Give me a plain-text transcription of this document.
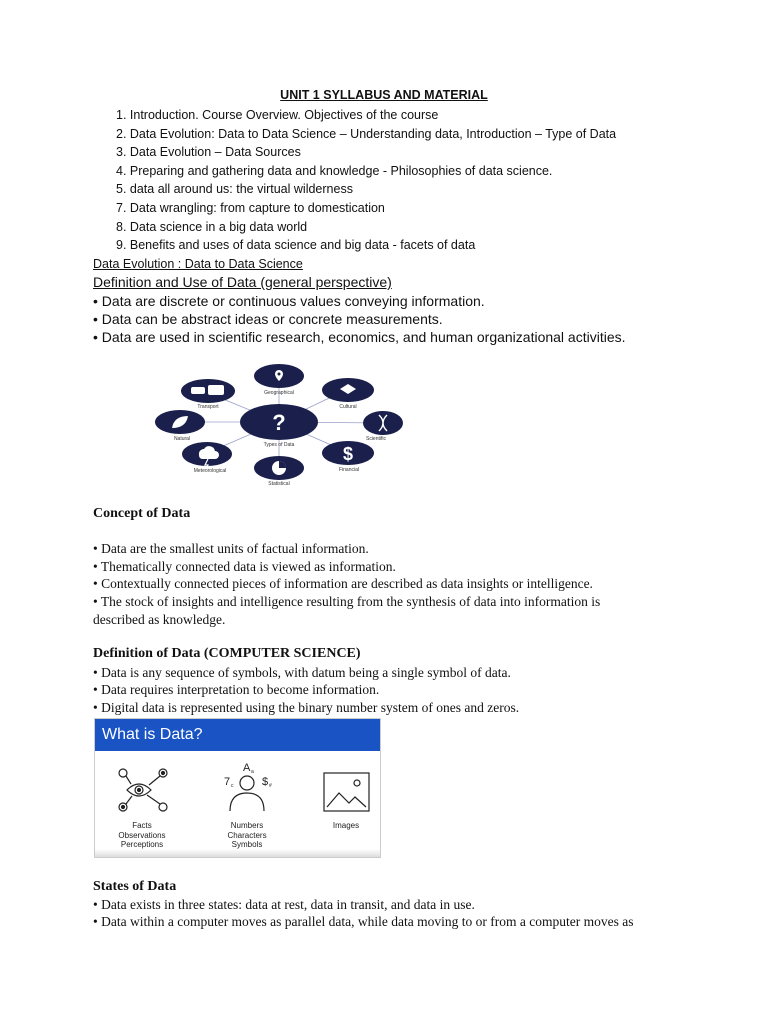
UNIT 1 SYLLABUS AND MATERIAL
1. Introduction. Course Overview. Objectives of the course
2. Data Evolution: Data to Data Science – Understanding data, Introduction – Type of Data
3. Data Evolution – Data Sources
4. Preparing and gathering data and knowledge - Philosophies of data science.
5. data all around us: the virtual wilderness
7. Data wrangling: from capture to domestication
8. Data science in a big data world
9. Benefits and uses of data science and big data - facets of data
Data Evolution : Data to Data Science
Definition and Use of Data (general perspective)
• Data are discrete or continuous values conveying information.
• Data can be abstract ideas or concrete measurements.
• Data are used in scientific research, economics, and human organizational activities.
?
Types of Data
Geographical
Cultural
Scientific
$
Financial
Statistical
Meteorological
Natural
Transport
Concept of Data
• Data are the smallest units of factual information.
• Thematically connected data is viewed as information.
• Contextually connected pieces of information are described as data insights or intelligence.
• The stock of insights and intelligence resulting from the synthesis of data into information is
described as knowledge.
Definition of Data (COMPUTER SCIENCE)
• Data is any sequence of symbols, with datum being a single symbol of data.
• Data requires interpretation to become information.
• Digital data is represented using the binary number system of ones and zeros.
What is Data?
A a
7 c	$ #
Facts
Observations
Perceptions
Numbers
Characters
Symbols
Images
States of Data
• Data exists in three states: data at rest, data in transit, and data in use.
• Data within a computer moves as parallel data, while data moving to or from a computer moves as
